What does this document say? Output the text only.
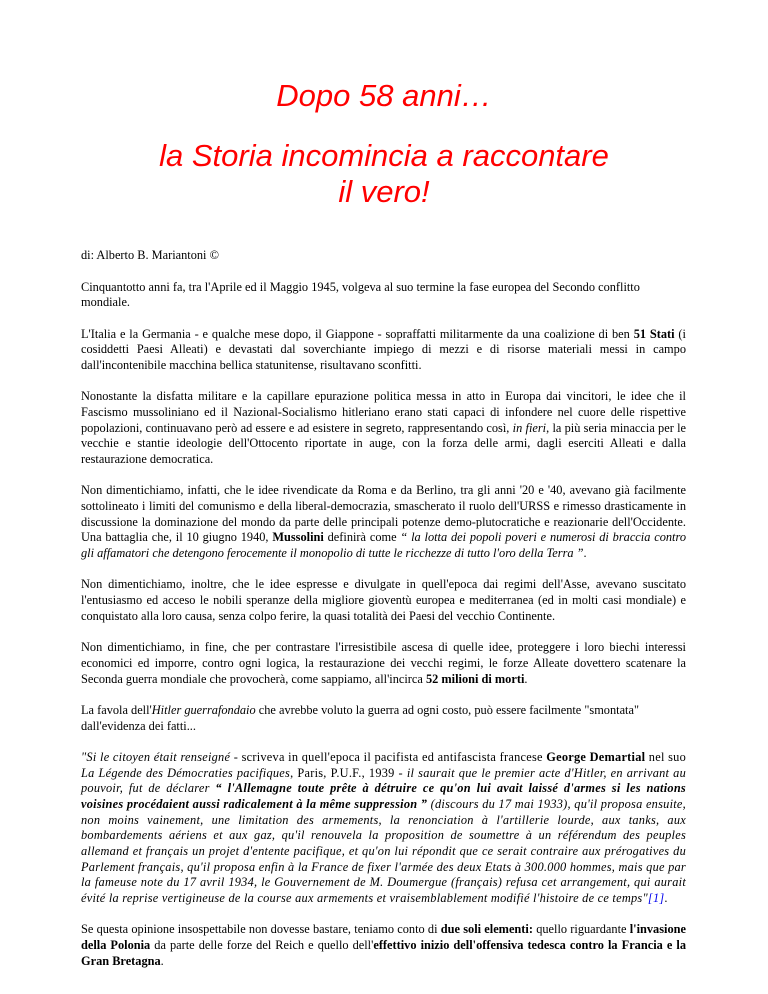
Dopo 58 anni…

la Storia incomincia a raccontare

il vero!

di: Alberto B. Mariantoni ©

Cinquantotto anni fa, tra l'Aprile ed il Maggio 1945, volgeva al suo termine la fase europea del Secondo conflitto mondiale.

L'Italia e la Germania - e qualche mese dopo, il Giappone - sopraffatti militarmente da una coalizione di ben 51 Stati (i cosiddetti Paesi Alleati) e devastati dal soverchiante impiego di mezzi e di risorse materiali messi in campo dall'incontenibile macchina bellica statunitense, risultavano sconfitti.

Nonostante la disfatta militare e la capillare epurazione politica messa in atto in Europa dai vincitori, le idee che il Fascismo mussoliniano ed il Nazional-Socialismo hitleriano erano stati capaci di infondere nel cuore delle rispettive popolazioni, continuavano però ad essere e ad esistere in segreto, rappresentando così, in fieri, la più seria minaccia per le vecchie e stantie ideologie dell'Ottocento riportate in auge, con la forza delle armi, dagli eserciti Alleati e dalla restaurazione democratica.

Non dimentichiamo, infatti, che le idee rivendicate da Roma e da Berlino, tra gli anni '20 e '40, avevano già facilmente sottolineato i limiti del comunismo e della liberal-democrazia, smascherato il ruolo dell'URSS e rimesso drasticamente in discussione la dominazione del mondo da parte delle principali potenze demo-plutocratiche e reazionarie dell'Occidente. Una battaglia che, il 10 giugno 1940, Mussolini definirà come “ la lotta dei popoli poveri e numerosi di braccia contro gli affamatori che detengono ferocemente il monopolio di tutte le ricchezze di tutto l'oro della Terra ”.

Non dimentichiamo, inoltre, che le idee espresse e divulgate in quell'epoca dai regimi dell'Asse, avevano suscitato l'entusiasmo ed acceso le nobili speranze della migliore gioventù europea e mediterranea (ed in molti casi mondiale) e conquistato alla loro causa, senza colpo ferire, la quasi totalità dei Paesi del vecchio Continente.

Non dimentichiamo, in fine, che per contrastare l'irresistibile ascesa di quelle idee, proteggere i loro biechi interessi economici ed imporre, contro ogni logica, la restaurazione dei vecchi regimi, le forze Alleate dovettero scatenare la Seconda guerra mondiale che provocherà, come sappiamo, all'incirca 52 milioni di morti.

La favola dell'Hitler guerrafondaio che avrebbe voluto la guerra ad ogni costo, può essere facilmente "smontata" dall'evidenza dei fatti...

"Si le citoyen était renseigné - scriveva in quell'epoca il pacifista ed antifascista francese George Demartial nel suo La Légende des Démocraties pacifiques, Paris, P.U.F., 1939 - il saurait que le premier acte d'Hitler, en arrivant au pouvoir, fut de déclarer “ l'Allemagne toute prête à détruire ce qu'on lui avait laissé d'armes si les nations voisines procédaient aussi radicalement à la même suppression ” (discours du 17 mai 1933), qu'il proposa ensuite, non moins vainement, une limitation des armements, la renonciation à l'artillerie lourde, aux tanks, aux bombardements aériens et aux gaz, qu'il renouvela la proposition de soumettre à un référendum des peuples allemand et français un projet d'entente pacifique, et qu'on lui répondit que ce serait contraire aux prérogatives du Parlement français, qu'il proposa enfin à la France de fixer l'armée des deux Etats à 300.000 hommes, mais que par la fameuse note du 17 avril 1934, le Gouvernement de M. Doumergue (français) refusa cet arrangement, qui aurait évité la reprise vertigineuse de la course aux armements et vraisemblablement modifié l'histoire de ce temps"[1].

Se questa opinione insospettabile non dovesse bastare, teniamo conto di due soli elementi: quello riguardante l'invasione della Polonia da parte delle forze del Reich e quello dell'effettivo inizio dell'offensiva tedesca contro la Francia e la Gran Bretagna.
